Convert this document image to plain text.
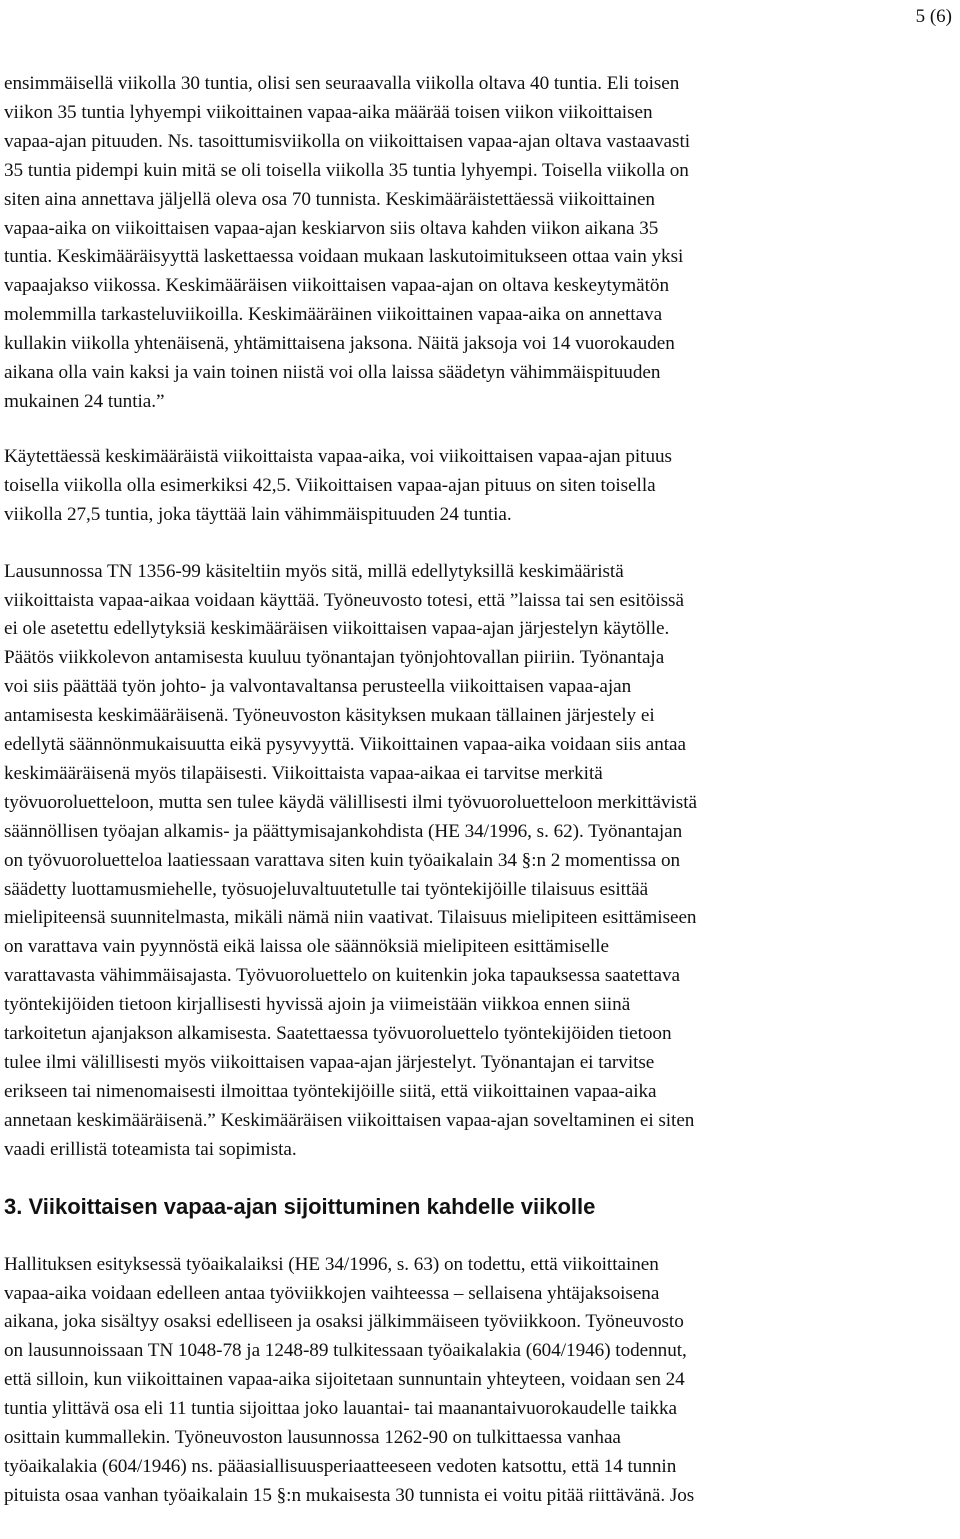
5 (6)

ensimmäisellä viikolla 30 tuntia, olisi sen seuraavalla viikolla oltava 40 tuntia. Eli toisen
viikon 35 tuntia lyhyempi viikoittainen vapaa-aika määrää toisen viikon viikoittaisen
vapaa-ajan pituuden. Ns. tasoittumisviikolla on viikoittaisen vapaa-ajan oltava vastaavasti
35 tuntia pidempi kuin mitä se oli toisella viikolla 35 tuntia lyhyempi. Toisella viikolla on
siten aina annettava jäljellä oleva osa 70 tunnista. Keskimääräistettäessä viikoittainen
vapaa-aika on viikoittaisen vapaa-ajan keskiarvon siis oltava kahden viikon aikana 35
tuntia. Keskimääräisyyttä laskettaessa voidaan mukaan laskutoimitukseen ottaa vain yksi
vapaajakso viikossa. Keskimääräisen viikoittaisen vapaa-ajan on oltava keskeytymätön
molemmilla tarkasteluviikoilla. Keskimääräinen viikoittainen vapaa-aika on annettava
kullakin viikolla yhtenäisenä, yhtämittaisena jaksona. Näitä jaksoja voi 14 vuorokauden
aikana olla vain kaksi ja vain toinen niistä voi olla laissa säädetyn vähimmäispituuden
mukainen 24 tuntia.”

Käytettäessä keskimääräistä viikoittaista vapaa-aika, voi viikoittaisen vapaa-ajan pituus
toisella viikolla olla esimerkiksi 42,5. Viikoittaisen vapaa-ajan pituus on siten toisella
viikolla 27,5 tuntia, joka täyttää lain vähimmäispituuden 24 tuntia.

Lausunnossa TN 1356-99 käsiteltiin myös sitä, millä edellytyksillä keskimääristä
viikoittaista vapaa-aikaa voidaan käyttää. Työneuvosto totesi, että ”laissa tai sen esitöissä
ei ole asetettu edellytyksiä keskimääräisen viikoittaisen vapaa-ajan järjestelyn käytölle.
Päätös viikkolevon antamisesta kuuluu työnantajan työnjohtovallan piiriin. Työnantaja
voi siis päättää työn johto- ja valvontavaltansa perusteella viikoittaisen vapaa-ajan
antamisesta keskimääräisenä. Työneuvoston käsityksen mukaan tällainen järjestely ei
edellytä säännönmukaisuutta eikä pysyvyyttä. Viikoittainen vapaa-aika voidaan siis antaa
keskimääräisenä myös tilapäisesti. Viikoittaista vapaa-aikaa ei tarvitse merkitä
työvuoroluetteloon, mutta sen tulee käydä välillisesti ilmi työvuoroluetteloon merkittävistä
säännöllisen työajan alkamis- ja päättymisajankohdista (HE 34/1996, s. 62). Työnantajan
on työvuoroluetteloa laatiessaan varattava siten kuin työaikalain 34 §:n 2 momentissa on
säädetty luottamusmiehelle, työsuojeluvaltuutetulle tai työntekijöille tilaisuus esittää
mielipiteensä suunnitelmasta, mikäli nämä niin vaativat. Tilaisuus mielipiteen esittämiseen
on varattava vain pyynnöstä eikä laissa ole säännöksiä mielipiteen esittämiselle
varattavasta vähimmäisajasta. Työvuoroluettelo on kuitenkin joka tapauksessa saatettava
työntekijöiden tietoon kirjallisesti hyvissä ajoin ja viimeistään viikkoa ennen siinä
tarkoitetun ajanjakson alkamisesta. Saatettaessa työvuoroluettelo työntekijöiden tietoon
tulee ilmi välillisesti myös viikoittaisen vapaa-ajan järjestelyt. Työnantajan ei tarvitse
erikseen tai nimenomaisesti ilmoittaa työntekijöille siitä, että viikoittainen vapaa-aika
annetaan keskimääräisenä.” Keskimääräisen viikoittaisen vapaa-ajan soveltaminen ei siten
vaadi erillistä toteamista tai sopimista.

3. Viikoittaisen vapaa-ajan sijoittuminen kahdelle viikolle

Hallituksen esityksessä työaikalaiksi (HE 34/1996, s. 63) on todettu, että viikoittainen
vapaa-aika voidaan edelleen antaa työviikkojen vaihteessa – sellaisena yhtäjaksoisena
aikana, joka sisältyy osaksi edelliseen ja osaksi jälkimmäiseen työviikkoon. Työneuvosto
on lausunnoissaan TN 1048-78 ja 1248-89 tulkitessaan työaikalakia (604/1946) todennut,
että silloin, kun viikoittainen vapaa-aika sijoitetaan sunnuntain yhteyteen, voidaan sen 24
tuntia ylittävä osa eli 11 tuntia sijoittaa joko lauantai- tai maanantaivuorokaudelle taikka
osittain kummallekin. Työneuvoston lausunnossa 1262-90 on tulkittaessa vanhaa
työaikalakia (604/1946) ns. pääasiallisuusperiaatteeseen vedoten katsottu, että 14 tunnin
pituista osaa vanhan työaikalain 15 §:n mukaisesta 30 tunnista ei voitu pitää riittävänä. Jos
